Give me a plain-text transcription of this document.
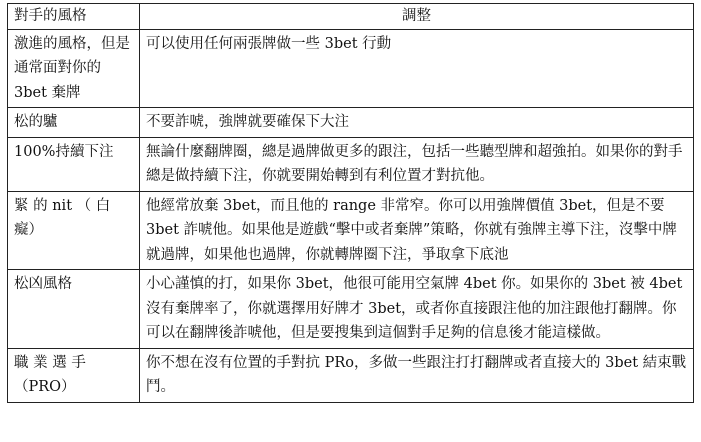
對手的風格	調整
激進的風格，但是通常面對你的 3bet 棄牌	可以使用任何兩張牌做一些 3bet 行動
松的驢	不要詐唬，強牌就要確保下大注
100%持續下注	無論什麼翻牌圈，總是過牌做更多的跟注，包括一些聽型牌和超強拍。如果你的對手總是做持續下注，你就要開始轉到有利位置才對抗他。
緊 的 nit （ 白 癡）	他經常放棄 3bet，而且他的 range 非常窄。你可以用強牌價值 3bet，但是不要 3bet 詐唬他。如果他是遊戲“擊中或者棄牌”策略，你就有強牌主導下注，沒擊中牌就過牌，如果他也過牌，你就轉牌圈下注，爭取拿下底池
松凶風格	小心謹慎的打，如果你 3bet，他很可能用空氣牌 4bet 你。如果你的 3bet 被 4bet 沒有棄牌率了，你就選擇用好牌才 3bet，或者你直接跟注他的加注跟他打翻牌。你可以在翻牌後詐唬他，但是要搜集到這個對手足夠的信息後才能這樣做。
職 業 選 手 （PRO）	你不想在沒有位置的手對抗 PRo，多做一些跟注打打翻牌或者直接大的 3bet 結束戰鬥。
